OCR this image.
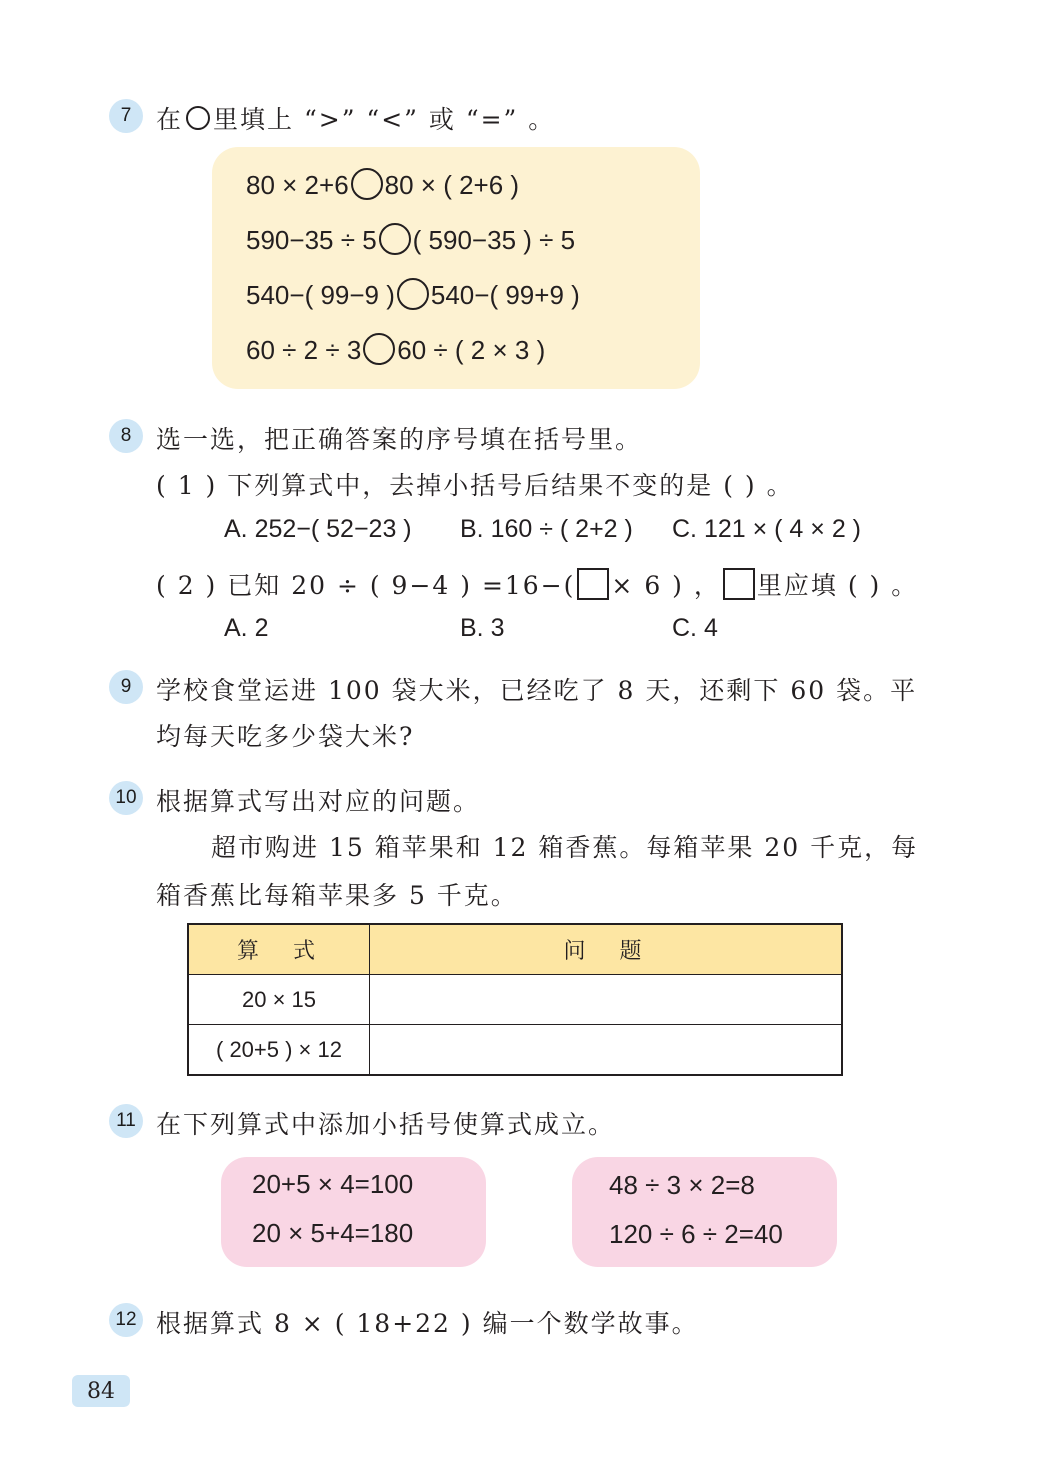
7 在 里填上 “>” “<” 或 “=” 。
80 × 2+6 80 × ( 2+6 )
590−35 ÷ 5 ( 590−35 ) ÷ 5
540−( 99−9 ) 540−( 99+9 )
60 ÷ 2 ÷ 3 60 ÷ ( 2 × 3 )
8 选一选，把正确答案的序号填在括号里。
( 1 ) 下列算式中，去掉小括号后结果不变的是 ( ) 。
A. 252−( 52−23 ) B. 160 ÷ ( 2+2 ) C. 121 × ( 4 × 2 )
( 2 ) 已知 20 ÷ ( 9−4 ) =16−( × 6 ) ， 里应填 ( ) 。
A. 2	B. 3	C. 4
9 学校食堂运进 100 袋大米，已经吃了 8 天，还剩下 60 袋。平
均每天吃多少袋大米?
10 根据算式写出对应的问题。
超市购进 15 箱苹果和 12 箱香蕉。每箱苹果 20 千克，每
箱香蕉比每箱苹果多 5 千克。
算　式	问　题
20 × 15	
( 20+5 ) × 12	
11 在下列算式中添加小括号使算式成立。
20+5 × 4=100
20 × 5+4=180
48 ÷ 3 × 2=8
120 ÷ 6 ÷ 2=40
12 根据算式 8 × ( 18+22 ) 编一个数学故事。
84
